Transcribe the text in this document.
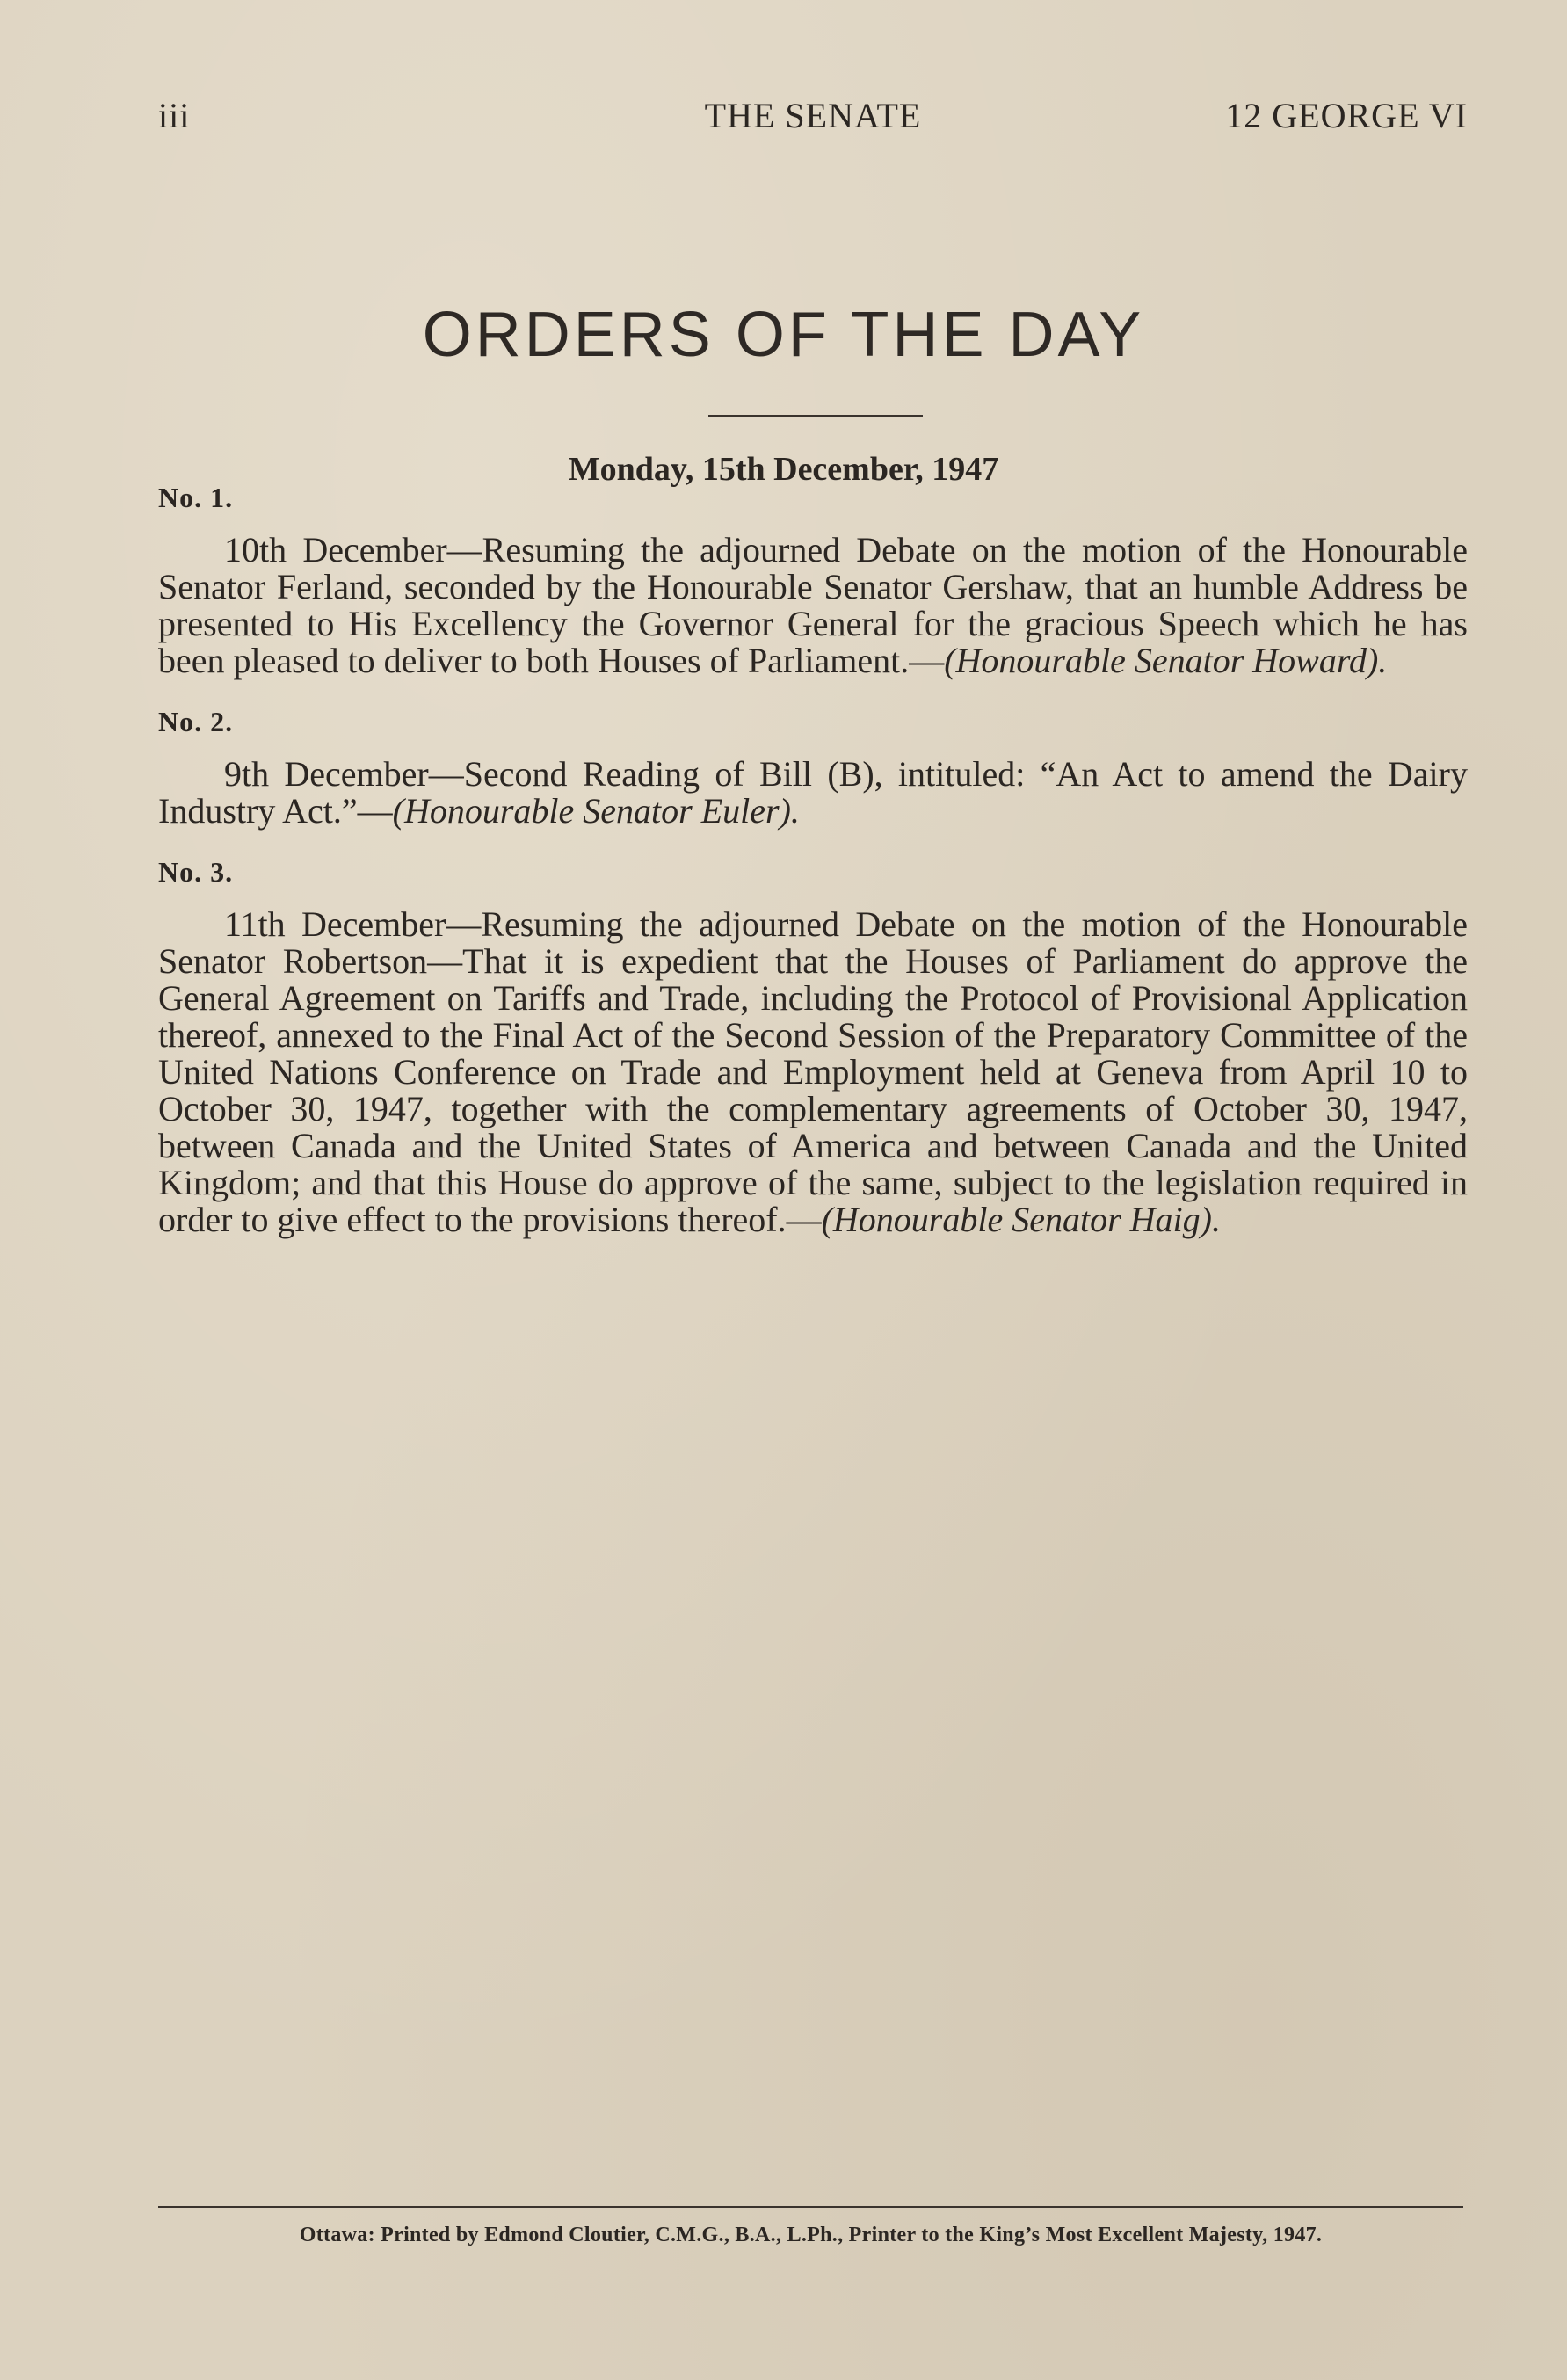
iii	THE SENATE	12 GEORGE VI
ORDERS OF THE DAY
Monday, 15th December, 1947

No. 1.

10th December—Resuming the adjourned Debate on the motion of the Honourable Senator Ferland, seconded by the Honourable Senator Gershaw, that an humble Address be presented to His Excellency the Governor General for the gracious Speech which he has been pleased to deliver to both Houses of Parliament.—(Honourable Senator Howard).

No. 2.

9th December—Second Reading of Bill (B), intituled: “An Act to amend the Dairy Industry Act.”—(Honourable Senator Euler).

No. 3.

11th December—Resuming the adjourned Debate on the motion of the Honourable Senator Robertson—That it is expedient that the Houses of Parliament do approve the General Agreement on Tariffs and Trade, including the Protocol of Provisional Application thereof, annexed to the Final Act of the Second Session of the Preparatory Committee of the United Nations Conference on Trade and Employment held at Geneva from April 10 to October 30, 1947, together with the complementary agreements of October 30, 1947, between Canada and the United States of America and between Canada and the United Kingdom; and that this House do approve of the same, subject to the legislation required in order to give effect to the provisions thereof.—(Honourable Senator Haig).

Ottawa: Printed by Edmond Cloutier, C.M.G., B.A., L.Ph., Printer to the King’s Most Excellent Majesty, 1947.
